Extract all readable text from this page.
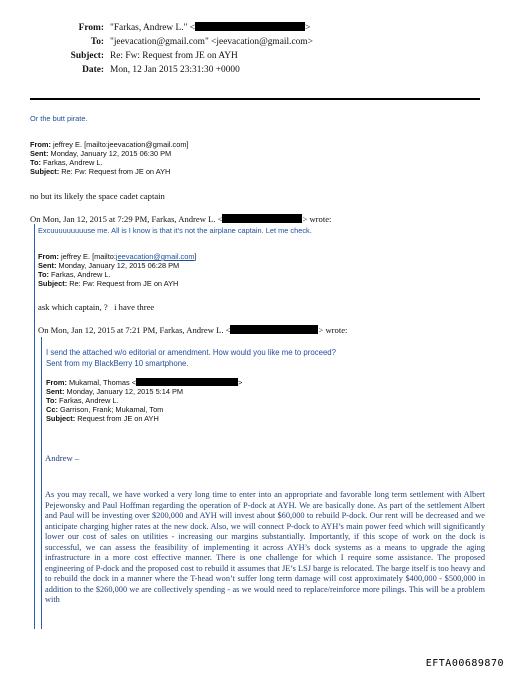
From: "Farkas, Andrew L." <	>
To: "jeevacation@gmail.com" <jeevacation@gmail.com>
Subject: Re: Fw: Request from JE on AYH
Date: Mon, 12 Jan 2015 23:31:30 +0000
Or the butt pirate.
From: jeffrey E. [mailto:jeevacation@gmail.com]
Sent: Monday, January 12, 2015 06:30 PM
To: Farkas, Andrew L.
Subject: Re: Fw: Request from JE on AYH
no but its likely the space cadet captain
On Mon, Jan 12, 2015 at 7:29 PM, Farkas, Andrew L. <	> wrote:
Excuuuuuuuuuse me. All is I know is that it's not the airplane captain. Let me check.
From: jeffrey E. [mailto:jeevacation@gmail.com]
Sent: Monday, January 12, 2015 06:28 PM
To: Farkas, Andrew L.
Subject: Re: Fw: Request from JE on AYH
ask which captain, ?   i have three
On Mon, Jan 12, 2015 at 7:21 PM, Farkas, Andrew L. <	> wrote:
I send the attached w/o editorial or amendment. How would you like me to proceed?
Sent from my BlackBerry 10 smartphone.
From: Mukamal, Thomas <	>
Sent: Monday, January 12, 2015 5:14 PM
To: Farkas, Andrew L.
Cc: Garrison, Frank; Mukamal, Tom
Subject: Request from JE on AYH
Andrew –
As you may recall, we have worked a very long time to enter into an appropriate and favorable long term settlement with Albert Pejewonsky and Paul Hoffman regarding the operation of P-dock at AYH. We are basically done. As part of the settlement Albert and Paul will be investing over $200,000 and AYH will invest about $60,000 to rebuild P-dock. Our rent will be decreased and we anticipate charging higher rates at the new dock. Also, we will connect P-dock to AYH’s main power feed which will significantly lower our cost of sales on utilities - increasing our margins substantially. Importantly, if this scope of work on the dock is successful, we can assess the feasibility of implementing it across AYH’s dock systems as a means to upgrade the aging infrastructure in a more cost effective manner. There is one challenge for which I require some assistance. The proposed engineering of P-dock and the proposed cost to rebuild it assumes that JE’s LSJ barge is relocated. The barge itself is too heavy and to rebuild the dock in a manner where the T-head won’t suffer long term damage will cost approximately $400,000 - $500,000 in addition to the $260,000 we are collectively spending - as we would need to replace/reinforce more pilings. This will be a problem with
EFTA00689870
